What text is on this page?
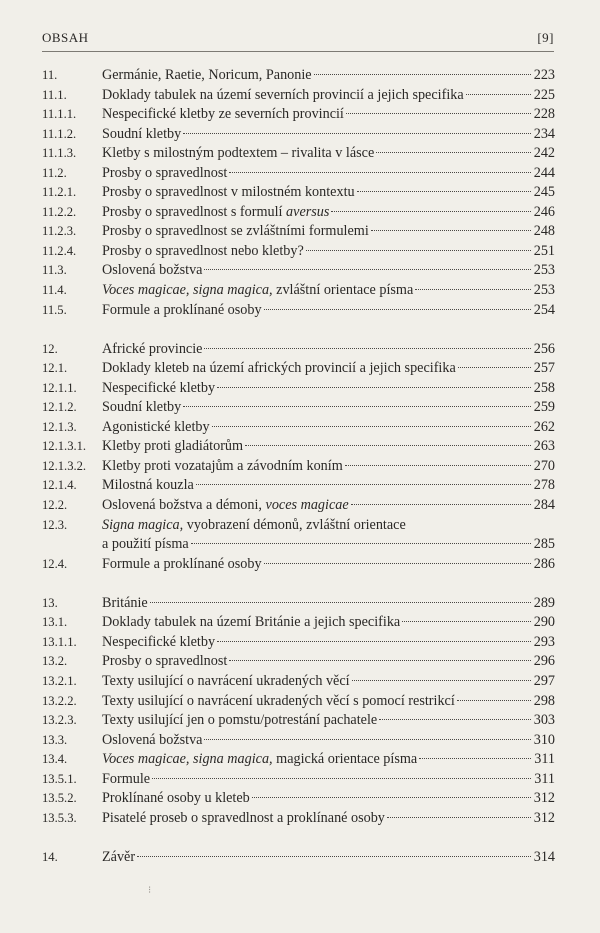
OBSAH	[9]
11.	Germánie, Raetie, Noricum, Panonie	223
11.1.	Doklady tabulek na území severních provincií a jejich specifika	225
11.1.1.	Nespecifické kletby ze severních provincií	228
11.1.2.	Soudní kletby	234
11.1.3.	Kletby s milostným podtextem – rivalita v lásce	242
11.2.	Prosby o spravedlnost	244
11.2.1.	Prosby o spravedlnost v milostném kontextu	245
11.2.2.	Prosby o spravedlnost s formulí aversus	246
11.2.3.	Prosby o spravedlnost se zvláštními formulemi	248
11.2.4.	Prosby o spravedlnost nebo kletby?	251
11.3.	Oslovená božstva	253
11.4.	Voces magicae, signa magica, zvláštní orientace písma	253
11.5.	Formule a proklínané osoby	254
12.	Africké provincie	256
12.1.	Doklady kleteb na území afrických provincií a jejich specifika	257
12.1.1.	Nespecifické kletby	258
12.1.2.	Soudní kletby	259
12.1.3.	Agonistické kletby	262
12.1.3.1.	Kletby proti gladiátorům	263
12.1.3.2.	Kletby proti vozatajům a závodním koním	270
12.1.4.	Milostná kouzla	278
12.2.	Oslovená božstva a démoni, voces magicae	284
12.3.	Signa magica, vyobrazení démonů, zvláštní orientace
a použití písma	285
12.4.	Formule a proklínané osoby	286
13.	Británie	289
13.1.	Doklady tabulek na území Británie a jejich specifika	290
13.1.1.	Nespecifické kletby	293
13.2.	Prosby o spravedlnost	296
13.2.1.	Texty usilující o navrácení ukradených věcí	297
13.2.2.	Texty usilující o navrácení ukradených věcí s pomocí restrikcí	298
13.2.3.	Texty usilující jen o pomstu/potrestání pachatele	303
13.3.	Oslovená božstva	310
13.4.	Voces magicae, signa magica, magická orientace písma	311
13.5.1.	Formule	311
13.5.2.	Proklínané osoby u kleteb	312
13.5.3.	Pisatelé proseb o spravedlnost a proklínané osoby	312
14.	Závěr	314
⁝
